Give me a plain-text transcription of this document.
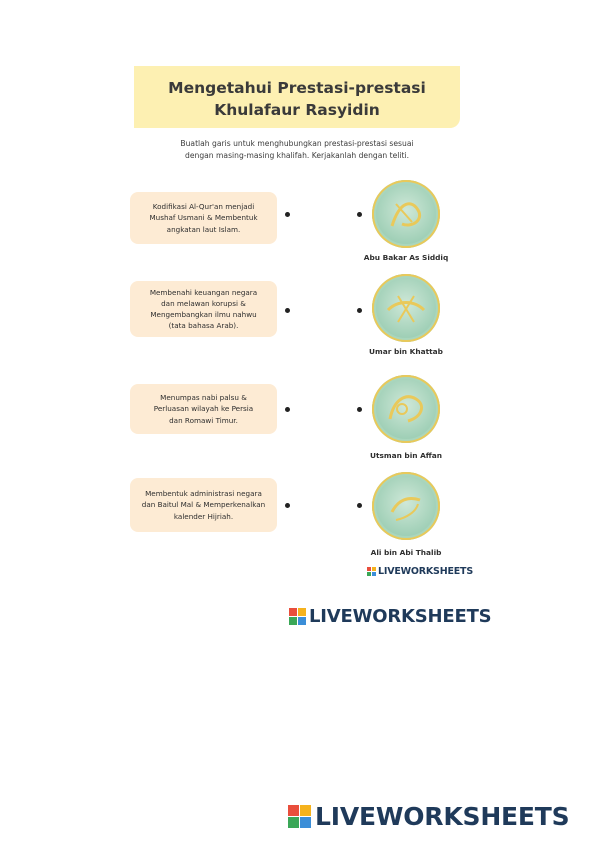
Mengetahui Prestasi-prestasi
Khulafaur Rasyidin
Buatlah garis untuk menghubungkan prestasi-prestasi sesuai
dengan masing-masing khalifah. Kerjakanlah dengan teliti.
Kodifikasi Al-Qur'an menjadi
Mushaf Usmani & Membentuk
angkatan laut Islam.
Abu Bakar As Siddiq
Membenahi keuangan negara
dan melawan korupsi &
Mengembangkan ilmu nahwu
(tata bahasa Arab).
Umar bin Khattab
Menumpas nabi palsu &
Perluasan wilayah ke Persia
dan Romawi Timur.
Utsman bin Affan
Membentuk administrasi negara
dan Baitul Mal & Memperkenalkan
kalender Hijriah.
Ali bin Abi Thalib
LIVEWORKSHEETS
LIVEWORKSHEETS
LIVEWORKSHEETS
